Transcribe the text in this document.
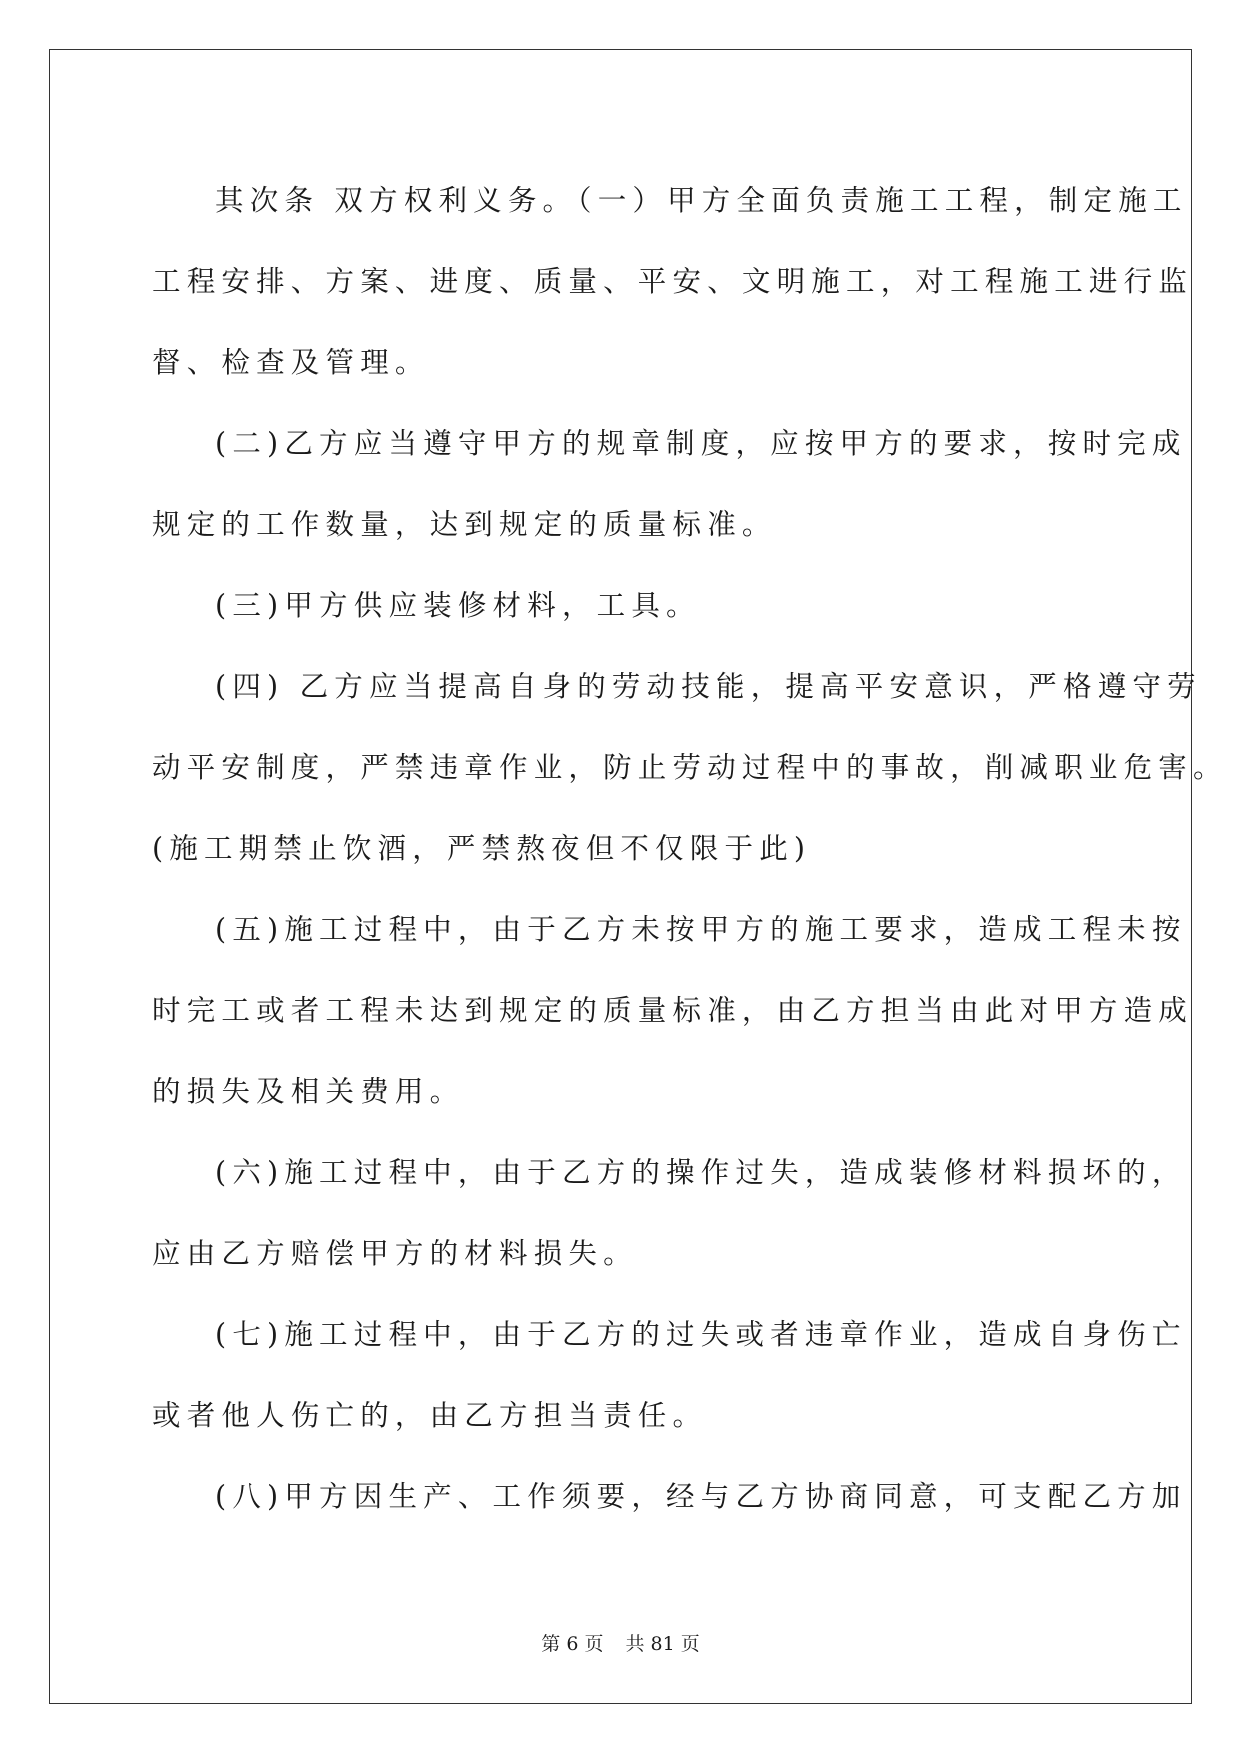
其次条 双方权利义务。（一）甲方全面负责施工工程，制定施工
工程安排、方案、进度、质量、平安、文明施工，对工程施工进行监
督、检查及管理。
(二)乙方应当遵守甲方的规章制度，应按甲方的要求，按时完成
规定的工作数量，达到规定的质量标准。
(三)甲方供应装修材料，工具。
(四) 乙方应当提高自身的劳动技能，提高平安意识，严格遵守劳
动平安制度，严禁违章作业，防止劳动过程中的事故，削减职业危害。
(施工期禁止饮酒，严禁熬夜但不仅限于此)
(五)施工过程中，由于乙方未按甲方的施工要求，造成工程未按
时完工或者工程未达到规定的质量标准，由乙方担当由此对甲方造成
的损失及相关费用。
(六)施工过程中，由于乙方的操作过失，造成装修材料损坏的，
应由乙方赔偿甲方的材料损失。
(七)施工过程中，由于乙方的过失或者违章作业，造成自身伤亡
或者他人伤亡的，由乙方担当责任。
(八)甲方因生产、工作须要，经与乙方协商同意，可支配乙方加
第 6 页 共 81 页
